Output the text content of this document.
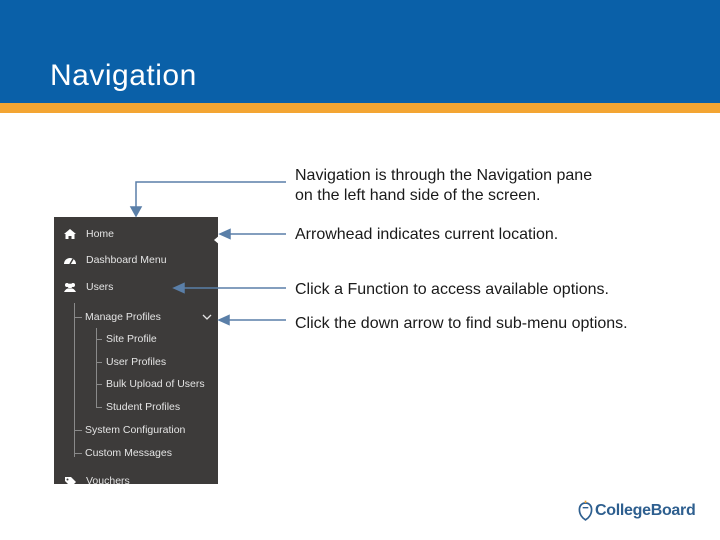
Navigation
Navigation is through the Navigation pane
on the left hand side of the screen.
Arrowhead indicates current location.
Click a Function to access available options.
Click the down arrow to find sub-menu options.
Home
Dashboard Menu
Users
Manage Profiles
Site Profile
User Profiles
Bulk Upload of Users
Student Profiles
System Configuration
Custom Messages
Vouchers
CollegeBoard
